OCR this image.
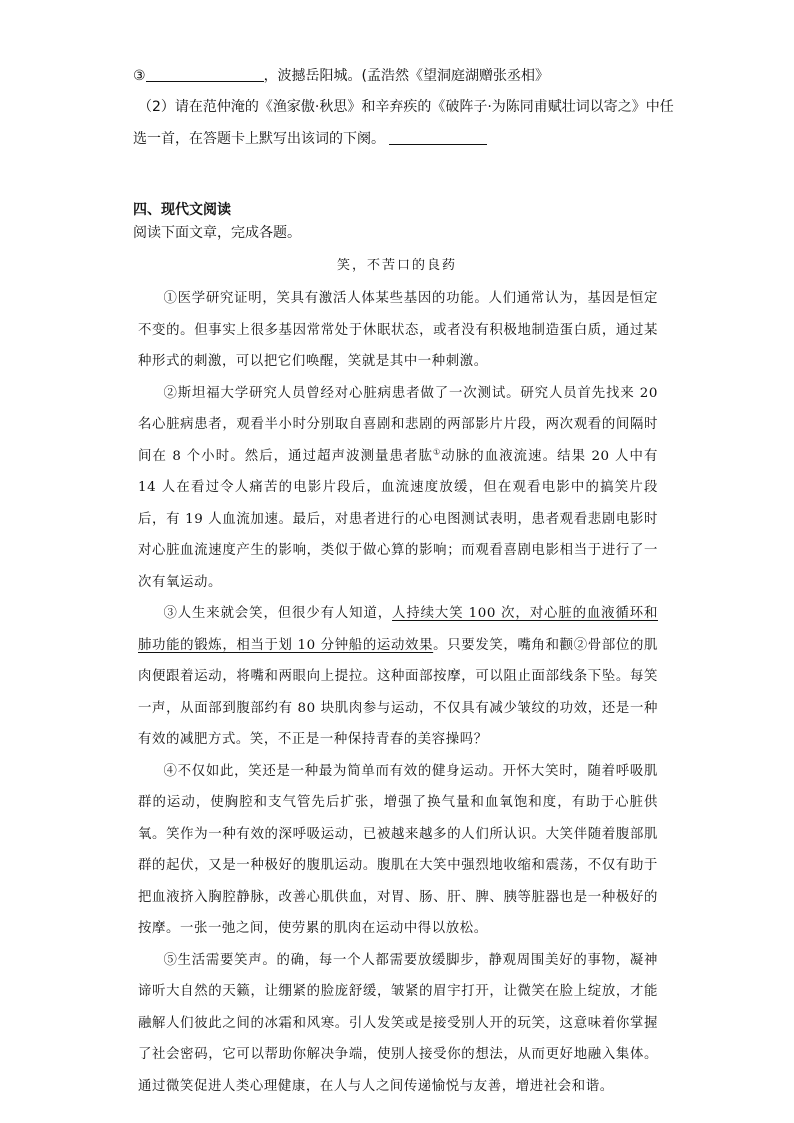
③	，波撼岳阳城。(孟浩然《望洞庭湖赠张丞相》
（2）请在范仲淹的《渔家傲·秋思》和辛弃疾的《破阵子·为陈同甫赋壮词以寄之》中任
选一首，在答题卡上默写出该词的下阕。
四、现代文阅读
阅读下面文章，完成各题。
笑，不苦口的良药

①医学研究证明，笑具有激活人体某些基因的功能。人们通常认为，基因是恒定不变的。但事实上很多基因常常处于休眠状态，或者没有积极地制造蛋白质，通过某种形式的刺激，可以把它们唤醒，笑就是其中一种刺激。

②斯坦福大学研究人员曾经对心脏病患者做了一次测试。研究人员首先找来 20 名心脏病患者，观看半小时分别取自喜剧和悲剧的两部影片片段，两次观看的间隔时间在 8 个小时。然后，通过超声波测量患者肱①动脉的血液流速。结果 20 人中有 14 人在看过令人痛苦的电影片段后，血流速度放缓，但在观看电影中的搞笑片段后，有 19 人血流加速。最后，对患者进行的心电图测试表明，患者观看悲剧电影时对心脏血流速度产生的影响，类似于做心算的影响；而观看喜剧电影相当于进行了一次有氧运动。

③人生来就会笑，但很少有人知道，人持续大笑 100 次，对心脏的血液循环和肺功能的锻炼，相当于划 10 分钟船的运动效果。只要发笑，嘴角和颧②骨部位的肌肉便跟着运动，将嘴和两眼向上提拉。这种面部按摩，可以阻止面部线条下坠。每笑一声，从面部到腹部约有 80 块肌肉参与运动，不仅具有减少皱纹的功效，还是一种有效的减肥方式。笑，不正是一种保持青春的美容操吗？

④不仅如此，笑还是一种最为简单而有效的健身运动。开怀大笑时，随着呼吸肌群的运动，使胸腔和支气管先后扩张，增强了换气量和血氧饱和度，有助于心脏供氧。笑作为一种有效的深呼吸运动，已被越来越多的人们所认识。大笑伴随着腹部肌群的起伏，又是一种极好的腹肌运动。腹肌在大笑中强烈地收缩和震荡，不仅有助于把血液挤入胸腔静脉，改善心肌供血，对胃、肠、肝、脾、胰等脏器也是一种极好的按摩。一张一弛之间，使劳累的肌肉在运动中得以放松。

⑤生活需要笑声。的确，每一个人都需要放缓脚步，静观周围美好的事物，凝神谛听大自然的天籁，让绷紧的脸庞舒缓，皱紧的眉宇打开，让微笑在脸上绽放，才能融解人们彼此之间的冰霜和风寒。引人发笑或是接受别人开的玩笑，这意味着你掌握了社会密码，它可以帮助你解决争端，使别人接受你的想法，从而更好地融入集体。通过微笑促进人类心理健康，在人与人之间传递愉悦与友善，增进社会和谐。
